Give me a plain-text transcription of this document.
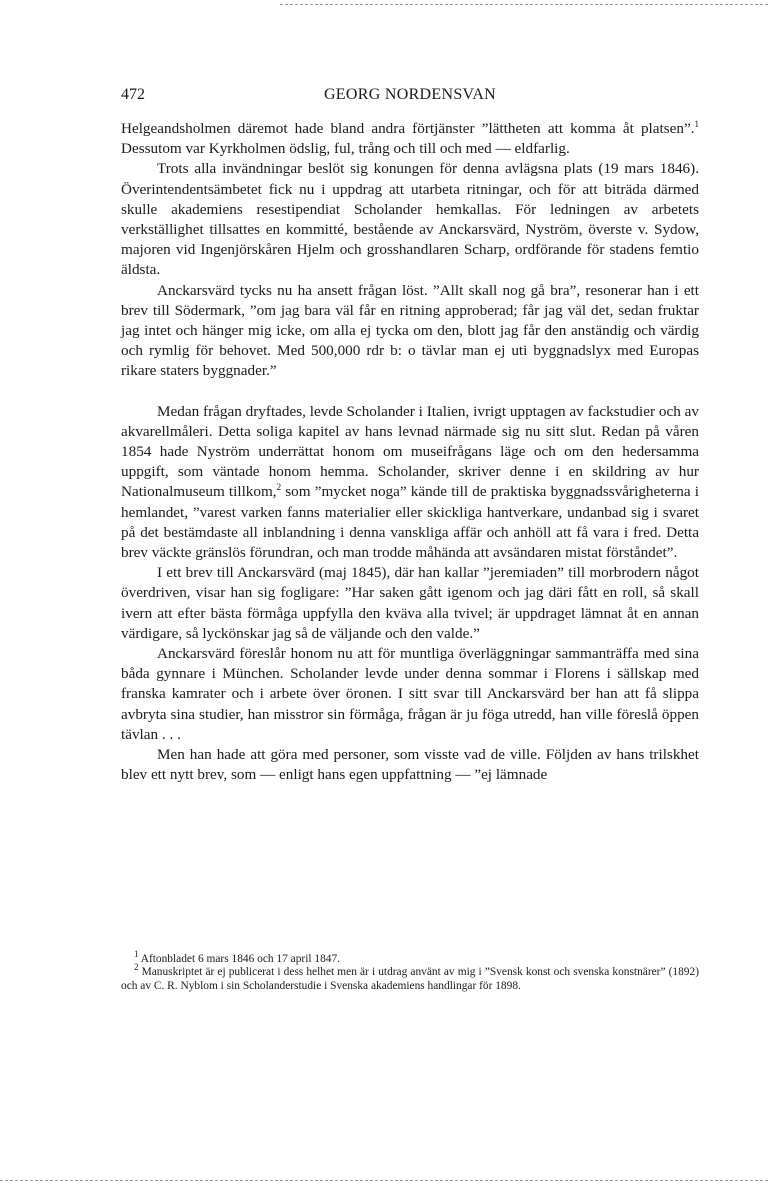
472	GEORG NORDENSVAN

Helgeandsholmen däremot hade bland andra förtjänster ”lättheten att komma åt platsen”.$^1$ Dessutom var Kyrkholmen ödslig, ful, trång och till och med — eldfarlig.

Trots alla invändningar beslöt sig konungen för denna avlägsna plats (19 mars 1846). Överintendentsämbetet fick nu i uppdrag att utarbeta ritningar, och för att biträda därmed skulle akademiens resestipendiat Scholander hemkallas. För ledningen av arbetets verkställighet tillsattes en kommitté, bestående av Anckarsvärd, Nyström, överste v. Sydow, majoren vid Ingenjörskåren Hjelm och grosshandlaren Scharp, ordförande för stadens femtio äldsta.

Anckarsvärd tycks nu ha ansett frågan löst. ”Allt skall nog gå bra”, resonerar han i ett brev till Södermark, ”om jag bara väl får en ritning approberad; får jag väl det, sedan fruktar jag intet och hänger mig icke, om alla ej tycka om den, blott jag får den anständig och värdig och rymlig för behovet. Med 500,000 rdr b: o tävlar man ej uti byggnadslyx med Europas rikare staters byggnader.”

Medan frågan dryftades, levde Scholander i Italien, ivrigt upptagen av fackstudier och av akvarellmåleri. Detta soliga kapitel av hans levnad närmade sig nu sitt slut. Redan på våren 1854 hade Nyström underrättat honom om museifrågans läge och om den hedersamma uppgift, som väntade honom hemma. Scholander, skriver denne i en skildring av hur Nationalmuseum tillkom,$^2$ som ”mycket noga” kände till de praktiska byggnadssvårigheterna i hemlandet, ”varest varken fanns materialier eller skickliga hantverkare, undanbad sig i svaret på det bestämdaste all inblandning i denna vanskliga affär och anhöll att få vara i fred. Detta brev väckte gränslös förundran, och man trodde måhända att avsändaren mistat förståndet”.

I ett brev till Anckarsvärd (maj 1845), där han kallar ”jeremiaden” till morbrodern något överdriven, visar han sig fogligare: ”Har saken gått igenom och jag däri fått en roll, så skall ivern att efter bästa förmåga uppfylla den kväva alla tvivel; är uppdraget lämnat åt en annan värdigare, så lyckönskar jag så de väljande och den valde.”

Anckarsvärd föreslår honom nu att för muntliga överläggningar sammanträffa med sina båda gynnare i München. Scholander levde under denna sommar i Florens i sällskap med franska kamrater och i arbete över öronen. I sitt svar till Anckarsvärd ber han att få slippa avbryta sina studier, han misstror sin förmåga, frågan är ju föga utredd, han ville föreslå öppen tävlan . . .

Men han hade att göra med personer, som visste vad de ville. Följden av hans trilskhet blev ett nytt brev, som — enligt hans egen uppfattning — ”ej lämnade

$^1$ Aftonbladet 6 mars 1846 och 17 april 1847.

$^2$ Manuskriptet är ej publicerat i dess helhet men är i utdrag använt av mig i ”Svensk konst och svenska konstnärer” (1892) och av C. R. Nyblom i sin Scholanderstudie i Svenska akademiens handlingar för 1898.
